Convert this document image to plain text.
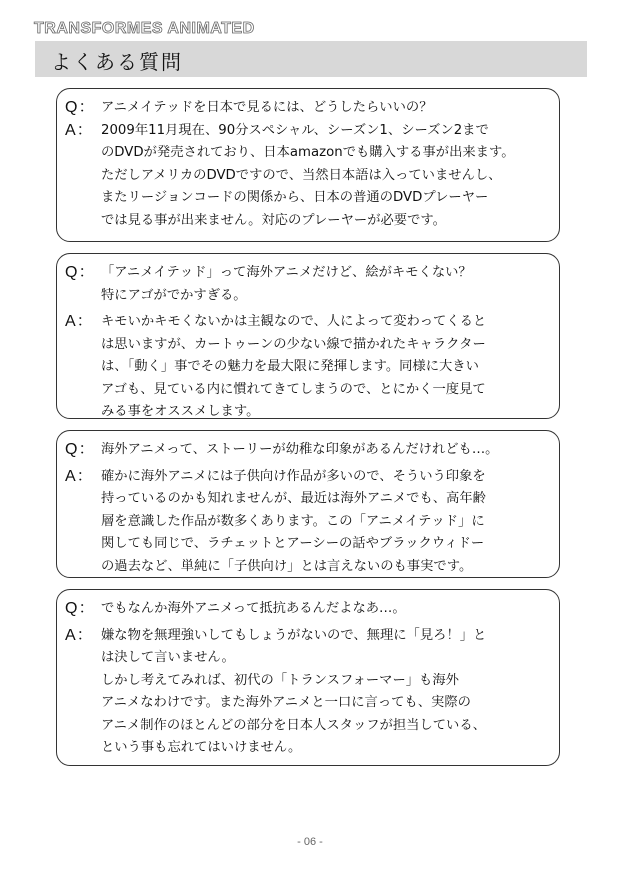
TRANSFORMES ANIMATED
よくある質問
Q： アニメイテッドを日本で見るには、どうしたらいいの？
A： 2009年11月現在、90分スペシャル、シーズン1、シーズン2まで
のDVDが発売されており、日本amazonでも購入する事が出来ます。
ただしアメリカのDVDですので、当然日本語は入っていませんし、
またリージョンコードの関係から、日本の普通のDVDプレーヤー
では見る事が出来ません。対応のプレーヤーが必要です。
Q： 「アニメイテッド」って海外アニメだけど、絵がキモくない？
特にアゴがでかすぎる。
A： キモいかキモくないかは主観なので、人によって変わってくると
は思いますが、カートゥーンの少ない線で描かれたキャラクター
は、「動く」事でその魅力を最大限に発揮します。同様に大きい
アゴも、見ている内に慣れてきてしまうので、とにかく一度見て
みる事をオススメします。
Q： 海外アニメって、ストーリーが幼稚な印象があるんだけれども…。
A： 確かに海外アニメには子供向け作品が多いので、そういう印象を
持っているのかも知れませんが、最近は海外アニメでも、高年齢
層を意識した作品が数多くあります。この「アニメイテッド」に
関しても同じで、ラチェットとアーシーの話やブラックウィドー
の過去など、単純に「子供向け」とは言えないのも事実です。
Q： でもなんか海外アニメって抵抗あるんだよなあ…。
A： 嫌な物を無理強いしてもしょうがないので、無理に「見ろ！」と
は決して言いません。
しかし考えてみれば、初代の「トランスフォーマー」も海外
アニメなわけです。また海外アニメと一口に言っても、実際の
アニメ制作のほとんどの部分を日本人スタッフが担当している、
という事も忘れてはいけません。
- 06 -
